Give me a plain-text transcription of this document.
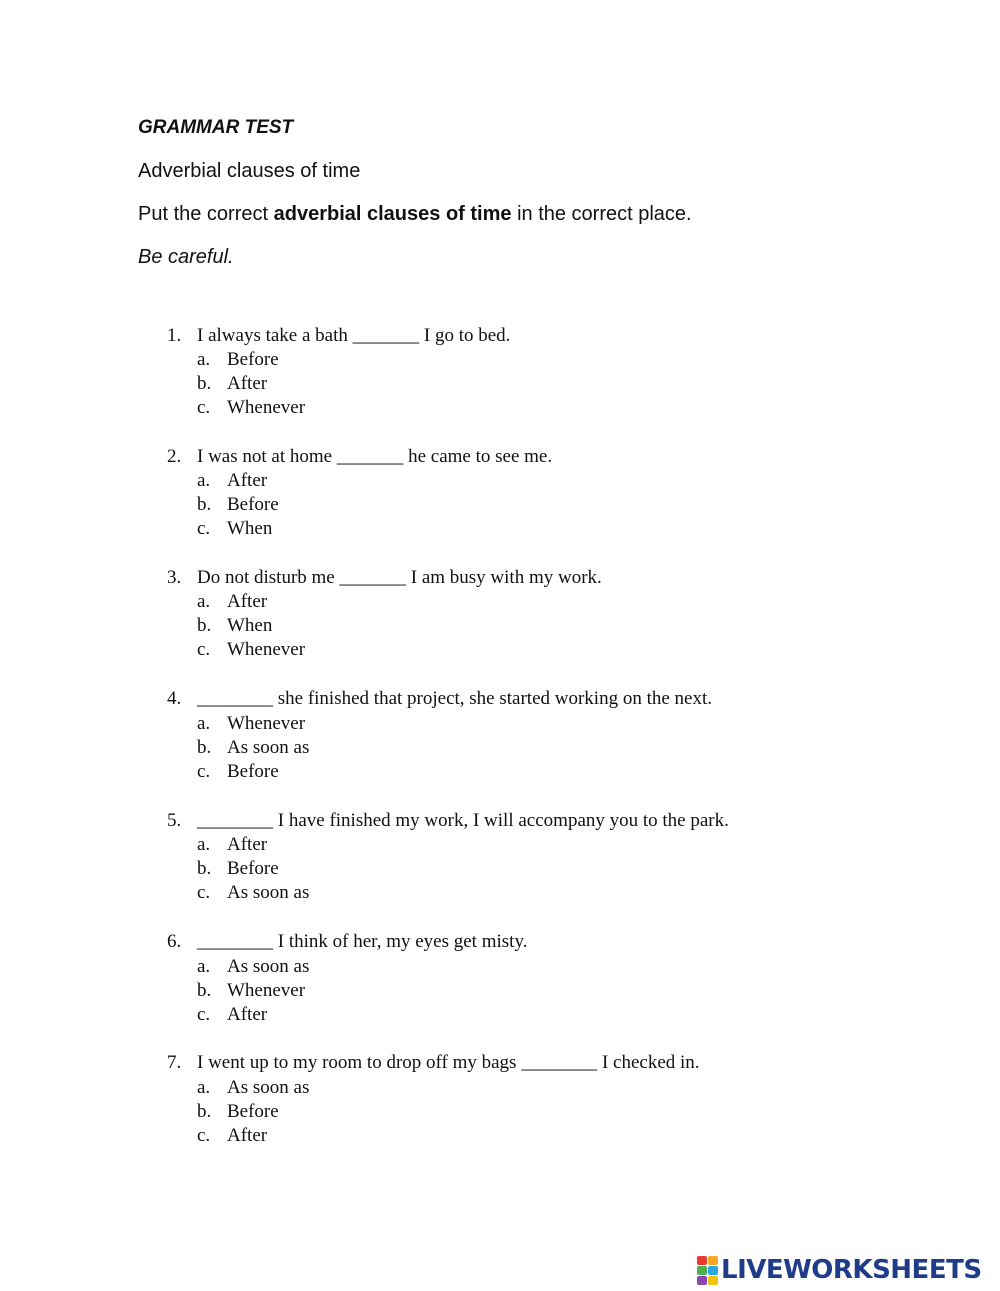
GRAMMAR TEST
Adverbial clauses of time
Put the correct adverbial clauses of time in the correct place.
Be careful.
1. I always take a bath _______ I go to bed.
a. Before
b. After
c. Whenever
2. I was not at home _______ he came to see me.
a. After
b. Before
c. When
3. Do not disturb me _______ I am busy with my work.
a. After
b. When
c. Whenever
4. ________ she finished that project, she started working on the next.
a. Whenever
b. As soon as
c. Before
5. ________ I have finished my work, I will accompany you to the park.
a. After
b. Before
c. As soon as
6. ________ I think of her, my eyes get misty.
a. As soon as
b. Whenever
c. After
7. I went up to my room to drop off my bags ________ I checked in.
a. As soon as
b. Before
c. After
LIVEWORKSHEETS
